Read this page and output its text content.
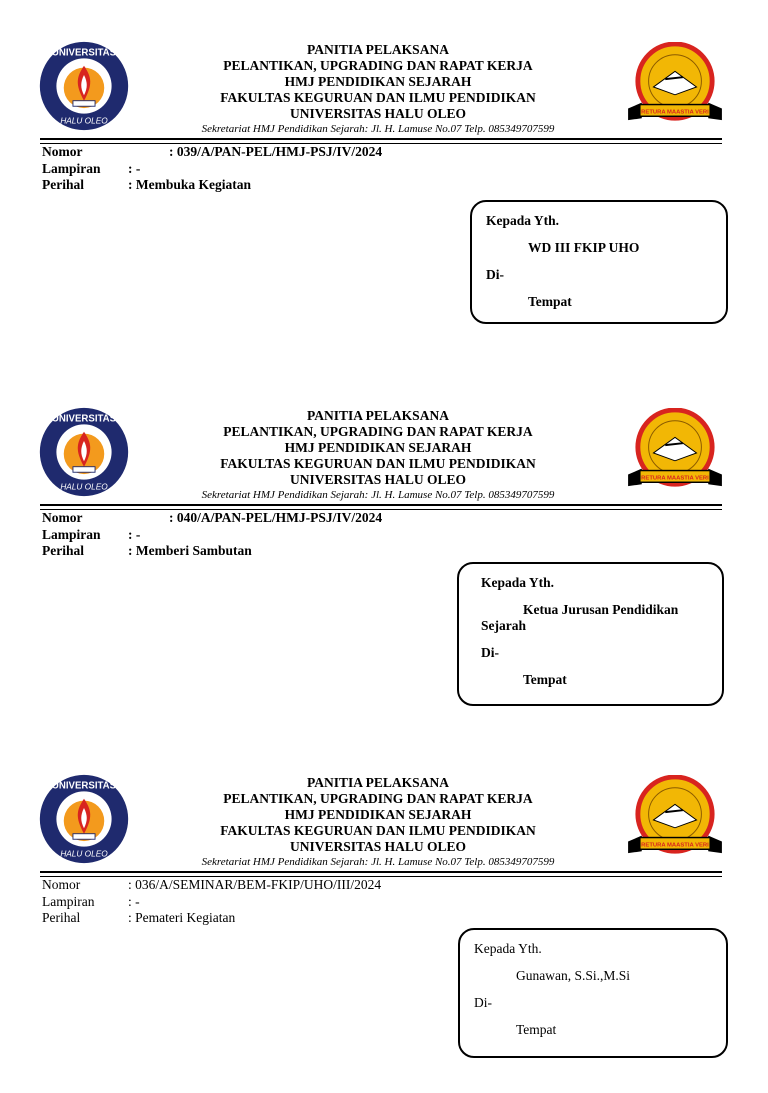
UNIVERSITAS
HALU OLEO
PANITIA PELAKSANA
PELANTIKAN, UPGRADING DAN RAPAT KERJA
HMJ PENDIDIKAN SEJARAH
FAKULTAS KEGURUAN DAN ILMU PENDIDIKAN
UNIVERSITAS HALU OLEO
Sekretariat HMJ Pendidikan Sejarah: Jl. H. Lamuse No.07 Telp. 085349707599
RETURA MAASTIA VERI
Nomor	: 039/A/PAN-PEL/HMJ-PSJ/IV/2024
Lampiran	: -
Perihal	: Membuka Kegiatan

Kepada Yth.

WD III FKIP UHO

Di-

Tempat

UNIVERSITAS
HALU OLEO
PANITIA PELAKSANA
PELANTIKAN, UPGRADING DAN RAPAT KERJA
HMJ PENDIDIKAN SEJARAH
FAKULTAS KEGURUAN DAN ILMU PENDIDIKAN
UNIVERSITAS HALU OLEO
Sekretariat HMJ Pendidikan Sejarah: Jl. H. Lamuse No.07 Telp. 085349707599
RETURA MAASTIA VERI
Nomor	: 040/A/PAN-PEL/HMJ-PSJ/IV/2024
Lampiran	: -
Perihal	: Memberi Sambutan

Kepada Yth.

Ketua Jurusan Pendidikan

Sejarah

Di-

Tempat

UNIVERSITAS
HALU OLEO
PANITIA PELAKSANA
PELANTIKAN, UPGRADING DAN RAPAT KERJA
HMJ PENDIDIKAN SEJARAH
FAKULTAS KEGURUAN DAN ILMU PENDIDIKAN
UNIVERSITAS HALU OLEO
Sekretariat HMJ Pendidikan Sejarah: Jl. H. Lamuse No.07 Telp. 085349707599
RETURA MAASTIA VERI
Nomor	: 036/A/SEMINAR/BEM-FKIP/UHO/III/2024
Lampiran	: -
Perihal	: Pemateri Kegiatan

Kepada Yth.

Gunawan, S.Si.,M.Si

Di-

Tempat
